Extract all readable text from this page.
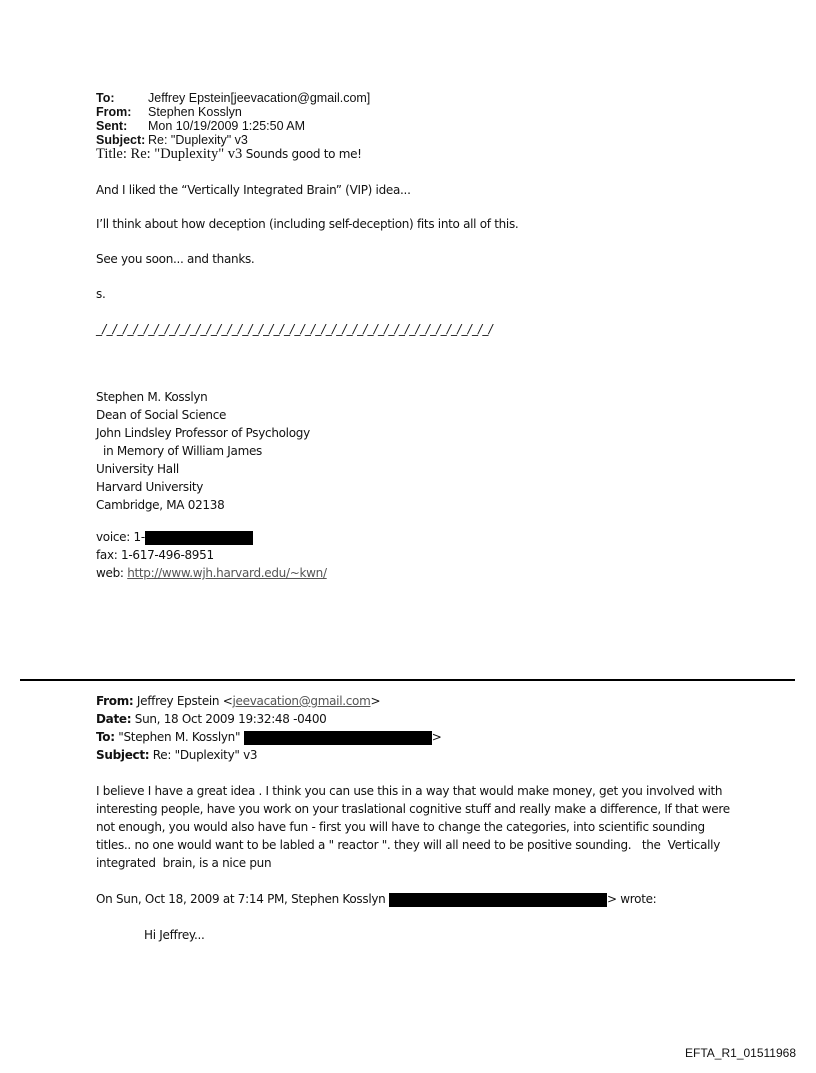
To:	Jeffrey Epstein[jeevacation@gmail.com]
From:	Stephen Kosslyn
Sent:	Mon 10/19/2009 1:25:50 AM
Subject: Re: "Duplexity" v3
Title: Re: "Duplexity" v3 Sounds good to me!
And I liked the “Vertically Integrated Brain” (VIP) idea...
I’ll think about how deception (including self-deception) fits into all of this.
See you soon... and thanks.
s.
_/_/_/_/_/_/_/_/_/_/_/_/_/_/_/_/_/_/_/_/_/_/_/_/_/_/_/_/_/_/_/_/_/_/_/_/_/_/
Stephen M. Kosslyn
Dean of Social Science
John Lindsley Professor of Psychology
in Memory of William James
University Hall
Harvard University
Cambridge, MA 02138
voice: 1-
fax: 1-617-496-8951
web: http://www.wjh.harvard.edu/~kwn/
From: Jeffrey Epstein <jeevacation@gmail.com>
Date: Sun, 18 Oct 2009 19:32:48 -0400
To: "Stephen M. Kosslyn"	>
Subject: Re: "Duplexity" v3
I believe I have a great idea . I think you can use this in a way that would make money, get you involved with interesting people, have you work on your traslational cognitive stuff and really make a difference, If that were not enough, you would also have fun - first you will have to change the categories, into scientific sounding titles.. no one would want to be labled a " reactor ". they will all need to be positive sounding.   the  Vertically integrated  brain, is a nice pun
On Sun, Oct 18, 2009 at 7:14 PM, Stephen Kosslyn	> wrote:
Hi Jeffrey...
EFTA_R1_01511968
